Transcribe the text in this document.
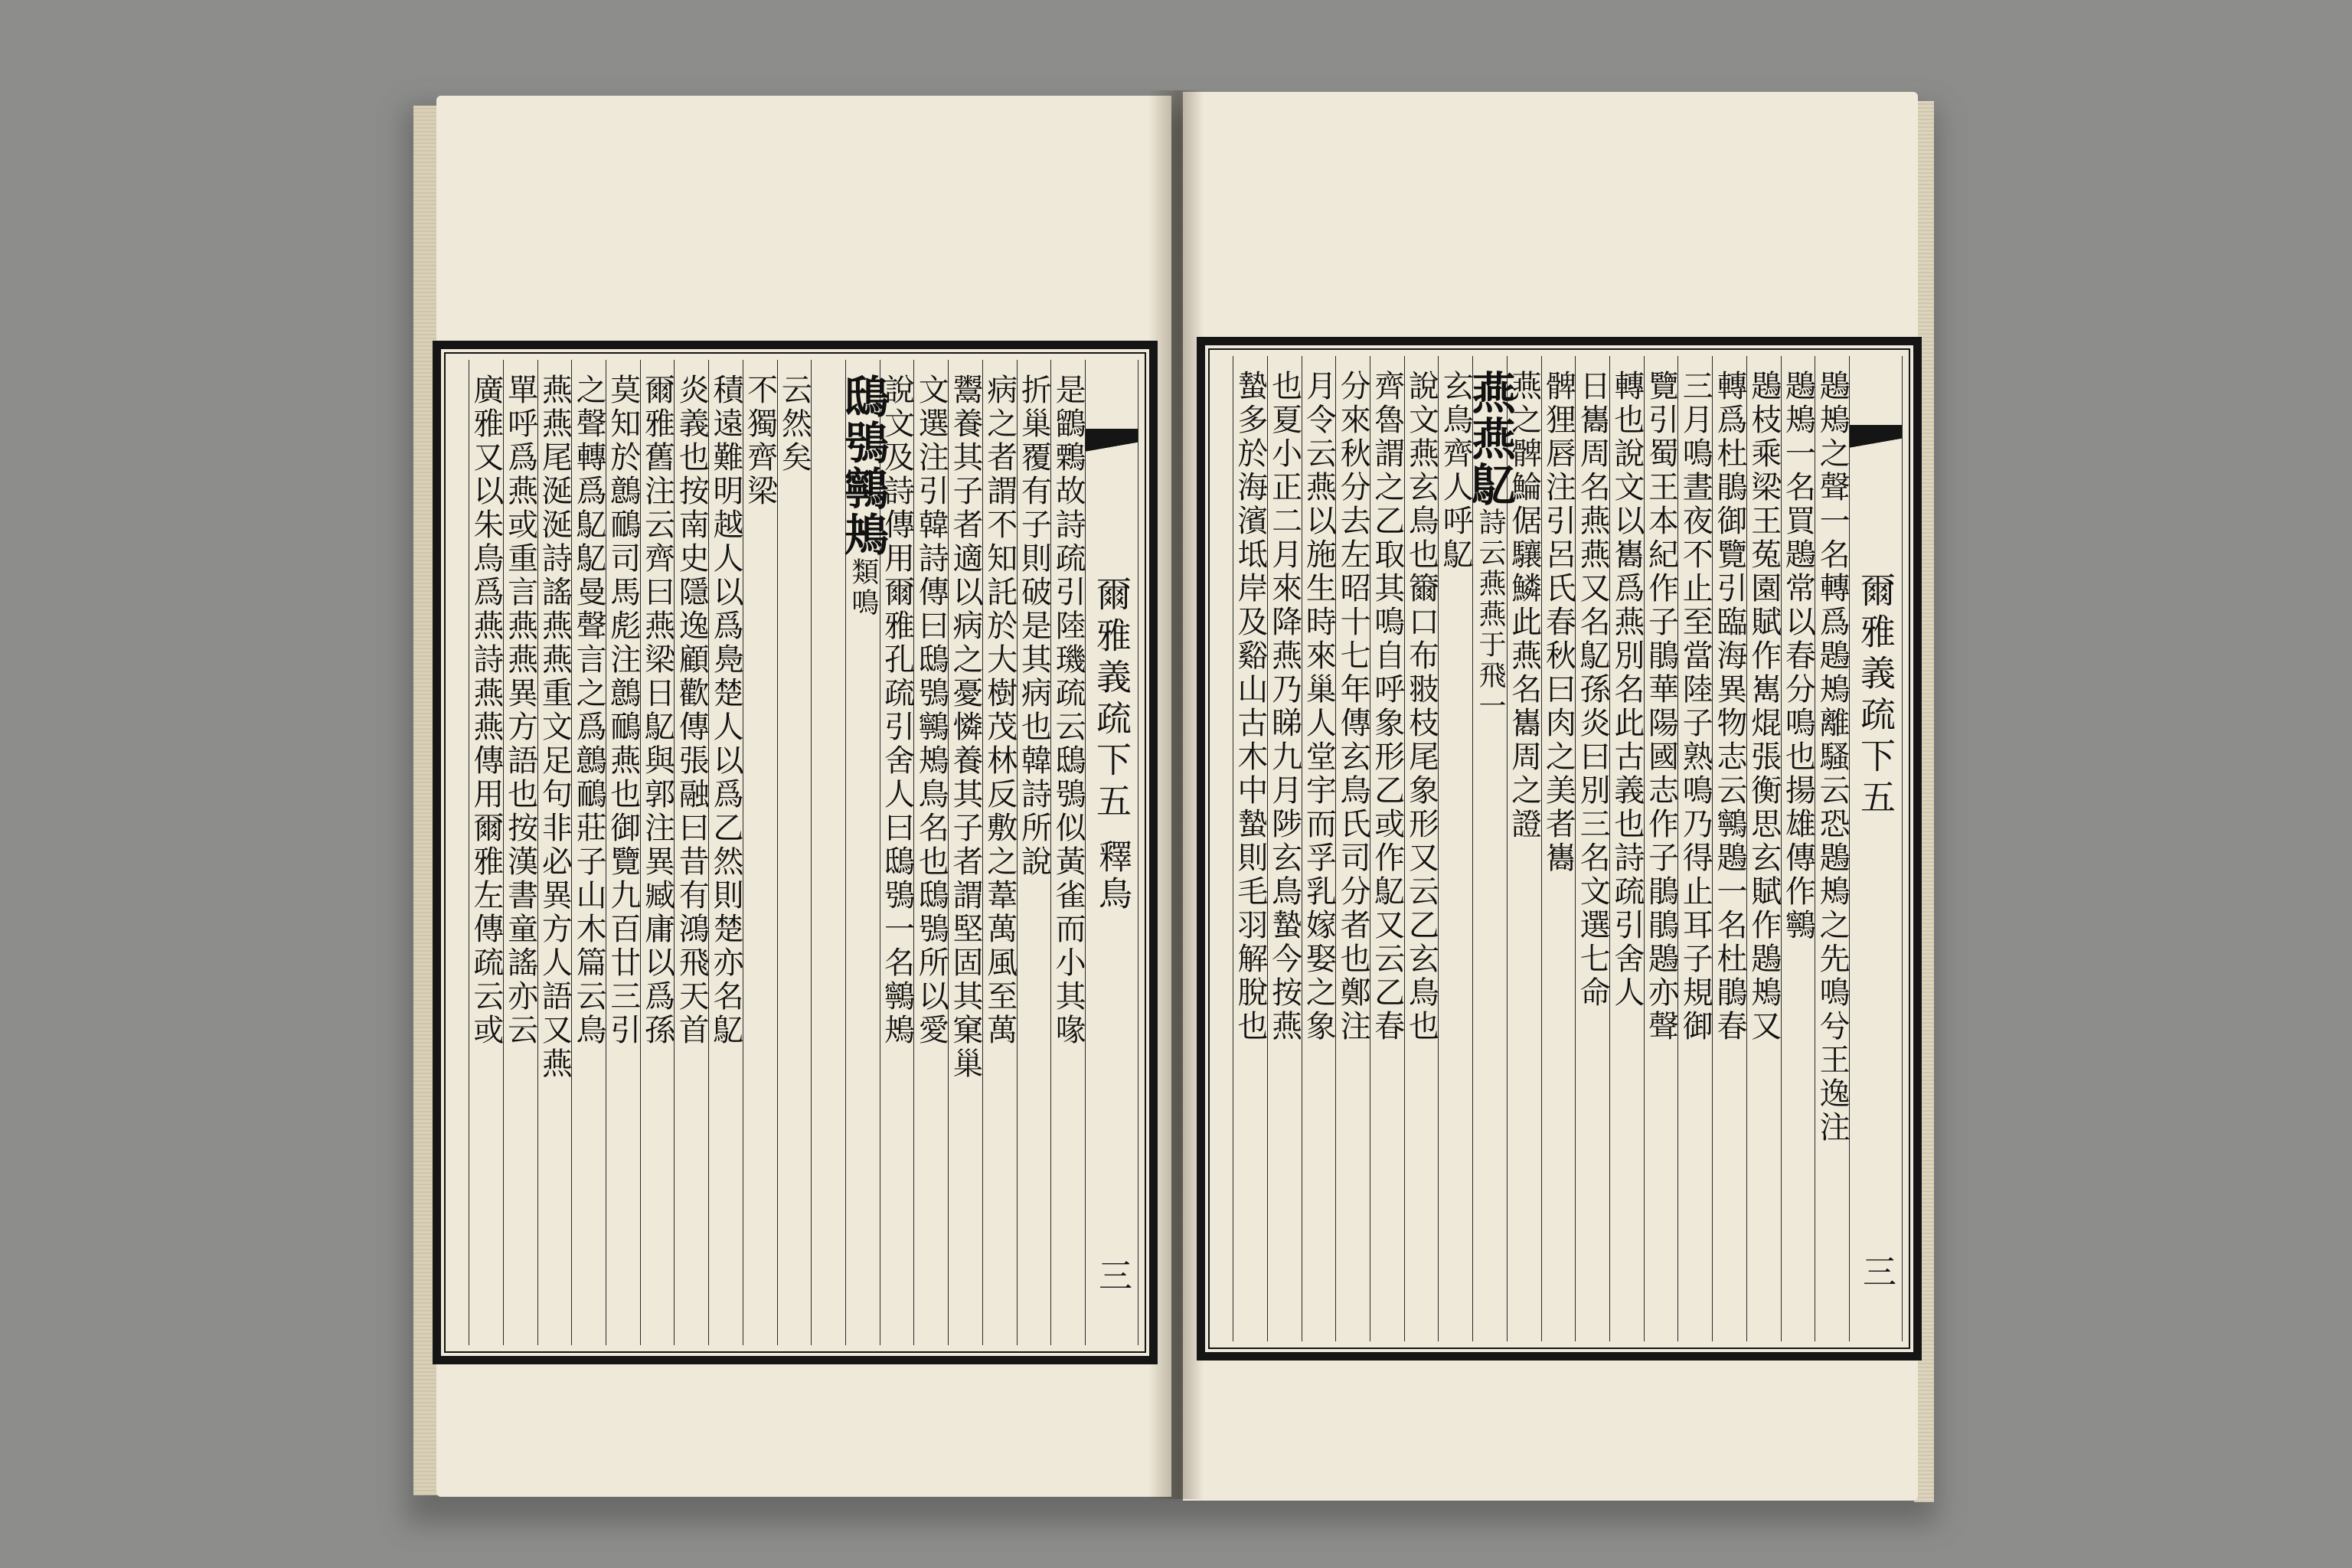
爾雅義疏下五
釋鳥
三
是鶹鷅故詩疏引陸璣疏云鴟鴞似黃雀而小其喙
折巢覆有子則破是其病也韓詩所說
病之者謂不知託於大樹茂林反敷之葦萬風至萬
鬻養其子者適以病之憂憐養其子者謂堅固其窠巢
文選注引韓詩傳曰鴟鴞鸋鴂鳥名也鴟鴞所以愛
說文及詩傳用爾雅孔疏引舍人曰鴟鴞一名鸋鴂
鴟鴞鸋鴂
類鳴
云然矣
不獨齊梁
積遠難明越人以爲鳧楚人以爲乙然則楚亦名鳦
炎義也按南史隱逸顧歡傳張融曰昔有鴻飛天首
爾雅舊注云齊曰燕梁日鳦與郭注異臧庸以爲孫
莫知於鷾鴯司馬彪注鷾鴯燕也御覽九百廿三引
之聲轉爲鳦鳦曼聲言之爲鷾鴯莊子山木篇云鳥
燕燕尾涎涎詩謠燕燕重文足句非必異方人語又燕
單呼爲燕或重言燕燕異方語也按漢書童謠亦云
廣雅又以朱鳥爲燕詩燕燕傳用爾雅左傳疏云或	爾雅義疏下五
三
鶗鴂之聲一名轉爲鶗鴂離騷云恐鶗鴂之先鳴兮王逸注
鶗鴂一名買鶗常以春分鳴也揚雄傳作鸋
鶗枝乘梁王菟園賦作嶲焜張衡思玄賦作鶗鴂又
轉爲杜鵑御覽引臨海異物志云鸋鶗一名杜鵑春
三月鳴晝夜不止至當陸子熟鳴乃得止耳子規御
覽引蜀王本紀作子鵑華陽國志作子鵑鵑鶗亦聲
轉也說文以巂爲燕別名此古義也詩疏引舍人
日巂周名燕燕又名鳦孫炎曰別三名文選七命
髀狸唇注引呂氏春秋曰肉之美者巂
燕之髀鯩倨驤鱗此燕名巂周之證
燕燕鳦
詩云燕燕于飛一
玄鳥齊人呼鳦
說文燕玄鳥也籋口布翄枝尾象形又云乙玄鳥也
齊魯謂之乙取其鳴自呼象形乙或作鳦又云乙春
分來秋分去左昭十七年傳玄鳥氏司分者也鄭注
月令云燕以施生時來巢人堂宇而孚乳嫁娶之象
也夏小正二月來降燕乃睇九月陟玄鳥蟄今按燕
蟄多於海濱坻岸及谿山古木中蟄則毛羽解脫也
